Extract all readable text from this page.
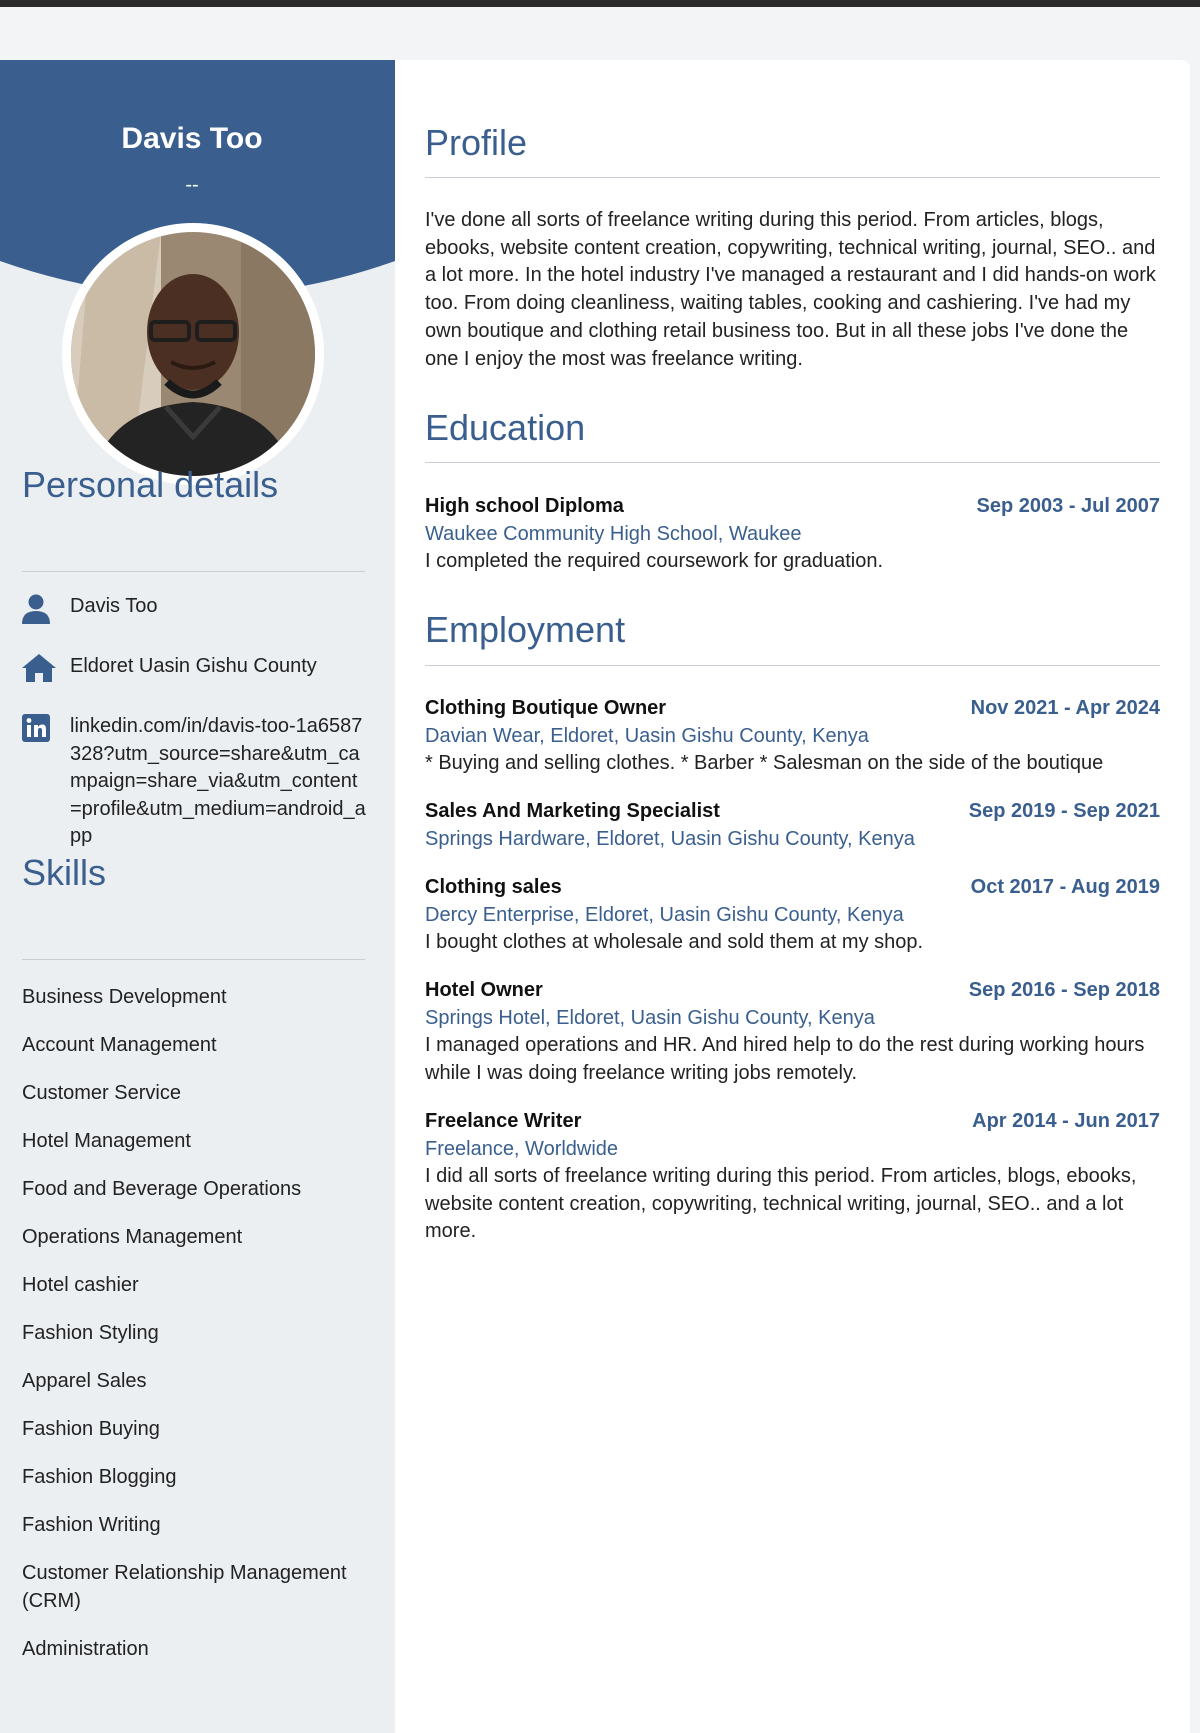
Davis Too
--
Personal details
Davis Too
Eldoret Uasin Gishu County
linkedin.com/in/davis-too-1a6587328?utm_source=share&utm_campaign=share_via&utm_content=profile&utm_medium=android_app
Skills
Business Development
Account Management
Customer Service
Hotel Management
Food and Beverage Operations
Operations Management
Hotel cashier
Fashion Styling
Apparel Sales
Fashion Buying
Fashion Blogging
Fashion Writing
Customer Relationship Management (CRM)
Administration
Profile
I've done all sorts of freelance writing during this period. From articles, blogs, ebooks, website content creation, copywriting, technical writing, journal, SEO.. and a lot more. In the hotel industry I've managed a restaurant and I did hands-on work too. From doing cleanliness, waiting tables, cooking and cashiering. I've had my own boutique and clothing retail business too. But in all these jobs I've done the one I enjoy the most was freelance writing.
Education
High school Diploma	Sep 2003 - Jul 2007
Waukee Community High School, Waukee
I completed the required coursework for graduation.
Employment
Clothing Boutique Owner	Nov 2021 - Apr 2024
Davian Wear, Eldoret, Uasin Gishu County, Kenya
* Buying and selling clothes. * Barber * Salesman on the side of the boutique
Sales And Marketing Specialist	Sep 2019 - Sep 2021
Springs Hardware, Eldoret, Uasin Gishu County, Kenya
Clothing sales	Oct 2017 - Aug 2019
Dercy Enterprise, Eldoret, Uasin Gishu County, Kenya
I bought clothes at wholesale and sold them at my shop.
Hotel Owner	Sep 2016 - Sep 2018
Springs Hotel, Eldoret, Uasin Gishu County, Kenya
I managed operations and HR. And hired help to do the rest during working hours while I was doing freelance writing jobs remotely.
Freelance Writer	Apr 2014 - Jun 2017
Freelance, Worldwide
I did all sorts of freelance writing during this period. From articles, blogs, ebooks, website content creation, copywriting, technical writing, journal, SEO.. and a lot more.
